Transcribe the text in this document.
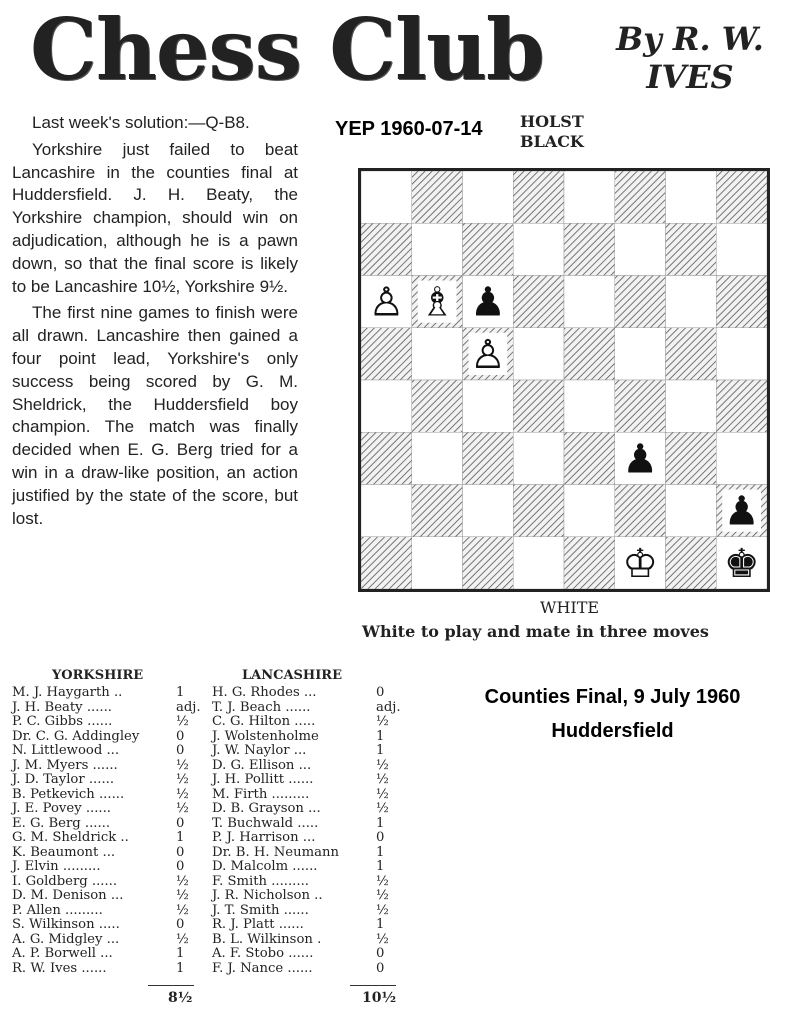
Chess Club	By R. W.
IVES
YEP 1960-07-14

Last week's solution:—Q-B8.

Yorkshire just failed to beat Lancashire in the counties final at Huddersfield. J. H. Beaty, the Yorkshire champion, should win on adjudication, although he is a pawn down, so that the final score is likely to be Lancashire 10½, Yorkshire 9½.

The first nine games to finish were all drawn. Lancashire then gained a four point lead, Yorkshire's only success being scored by G. M. Sheldrick, the Huddersfield boy champion. The match was finally decided when E. G. Berg tried for a win in a draw-like position, an action justified by the state of the score, but lost.

HOLST
BLACK
♙ ♗ ♟
♙
♟
♟
♔ ♚
WHITE
White to play and mate in three moves
Counties Final, 9 July 1960
Huddersfield
YORKSHIRE	LANCASHIRE
M. J. Haygarth ..	1
J. H. Beaty ......	adj.
P. C. Gibbs ......	½
Dr. C. G. Addingley	0
N. Littlewood ...	0
J. M. Myers ......	½
J. D. Taylor ......	½
B. Petkevich ......	½
J. E. Povey ......	½
E. G. Berg ......	0
G. M. Sheldrick ..	1
K. Beaumont ...	0
J. Elvin .........	0
I. Goldberg ......	½
D. M. Denison ...	½
P. Allen .........	½
S. Wilkinson .....	0
A. G. Midgley ...	½
A. P. Borwell ...	1
R. W. Ives ......	1
H. G. Rhodes ...	0
T. J. Beach ......	adj.
C. G. Hilton .....	½
J. Wolstenholme	1
J. W. Naylor ...	1
D. G. Ellison ...	½
J. H. Pollitt ......	½
M. Firth .........	½
D. B. Grayson ...	½
T. Buchwald .....	1
P. J. Harrison ...	0
Dr. B. H. Neumann	1
D. Malcolm ......	1
F. Smith .........	½
J. R. Nicholson ..	½
J. T. Smith ......	½
R. J. Platt ......	1
B. L. Wilkinson .	½
A. F. Stobo ......	0
F. J. Nance ......	0
8½	10½
